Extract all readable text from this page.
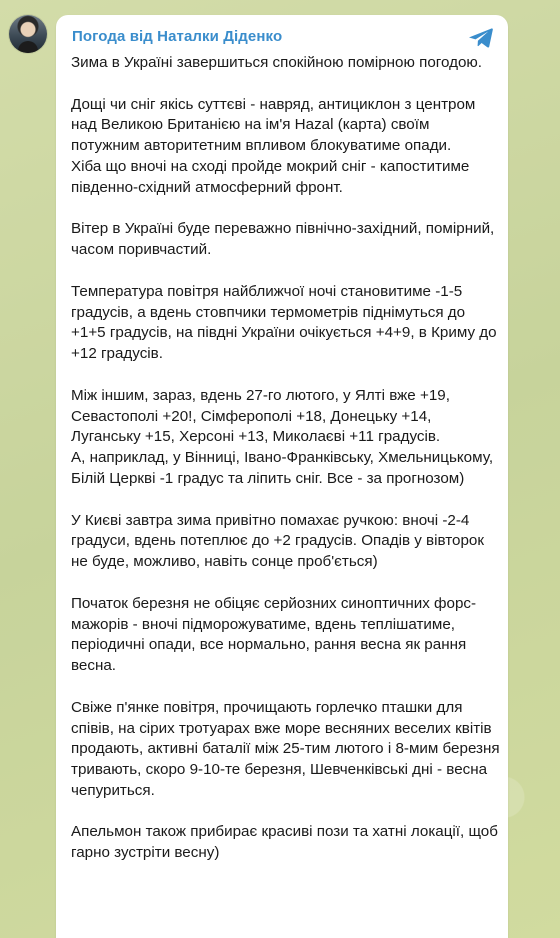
Погода від Наталки Діденко

Зима в Україні завершиться спокійною помірною погодою.

Дощі чи сніг якісь суттєві - навряд, антициклон з центром над Великою Британією на ім'я Hazal (карта) своїм потужним авторитетним впливом блокуватиме опади.

Хіба що вночі на сході пройде мокрий сніг - капоститиме південно-східний атмосферний фронт.

Вітер в Україні буде переважно північно-західний, помірний, часом поривчастий.

Температура повітря найближчої ночі становитиме -1-5 градусів, а вдень стовпчики термометрів піднімуться до +1+5 градусів, на півдні України очікується +4+9, в Криму до +12 градусів.

Між іншим, зараз, вдень 27-го лютого, у Ялті вже +19, Севастополі +20!, Сімферополі +18, Донецьку +14, Луганську +15, Херсоні +13, Миколаєві +11 градусів.

А, наприклад, у Вінниці, Івано-Франківську, Хмельницькому, Білій Церкві -1 градус та ліпить сніг. Все - за прогнозом)

У Києві завтра зима привітно помахає ручкою: вночі -2-4 градуси, вдень потеплює до +2 градусів. Опадів у вівторок не буде, можливо, навіть сонце проб'ється)

Початок березня не обіцяє серйозних синоптичних форс-мажорів - вночі підморожуватиме, вдень теплішатиме, періодичні опади, все нормально, рання весна як рання весна.

Свіже п'янке повітря, прочищають горлечко пташки для співів, на сірих тротуарах вже море весняних веселих квітів продають, активні баталії між 25-тим лютого і 8-мим березня тривають, скоро 9-10-те березня, Шевченківські дні - весна чепуриться.

Апельмон також прибирає красиві пози та хатні локації, щоб гарно зустріти весну)
